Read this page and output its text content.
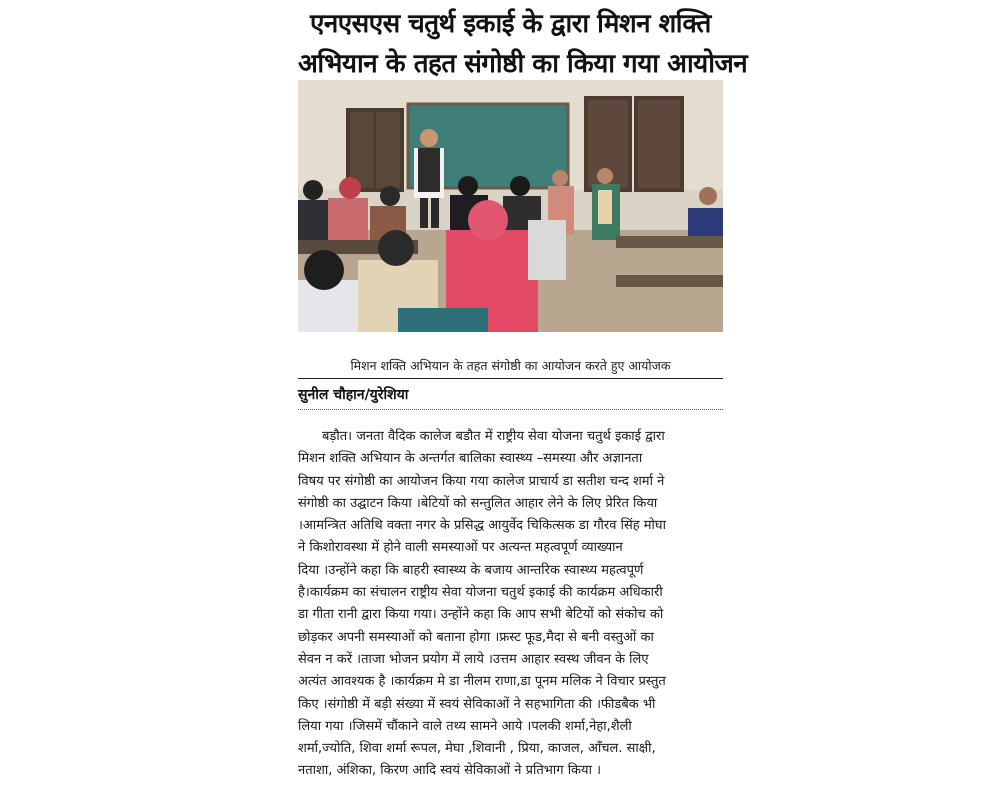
एनएसएस चतुर्थ इकाई के द्वारा मिशन शक्ति
अभियान के तहत संगोष्ठी का किया गया आयोजन
मिशन शक्ति अभियान के तहत संगोष्ठी का आयोजन करते हुए आयोजक
सुनील चौहान/युरेशिया
बड़ौत। जनता वैदिक कालेज बडौत में राष्ट्रीय सेवा योजना चतुर्थ इकाई द्वारा
मिशन शक्ति अभियान के अन्तर्गत बालिका स्वास्थ्य –समस्या और अज्ञानता
विषय पर संगोष्ठी का आयोजन किया गया कालेज प्राचार्य डा सतीश चन्द शर्मा ने
संगोष्ठी का उद्घाटन किया ।बेटियों को सन्तुलित आहार लेने के लिए प्रेरित किया
।आमन्त्रित अतिथि वक्ता नगर के प्रसिद्ध आयुर्वेद चिकित्सक डा गौरव सिंह मोघा
ने किशोरावस्था में होने वाली समस्याओं पर अत्यन्त महत्वपूर्ण व्याख्यान
दिया ।उन्होंने कहा कि बाहरी स्वास्थ्य के बजाय आन्तरिक स्वास्थ्य महत्वपूर्ण
है।कार्यक्रम का संचालन राष्ट्रीय सेवा योजना चतुर्थ इकाई की कार्यक्रम अधिकारी
डा गीता रानी द्वारा किया गया। उन्होंने कहा कि आप सभी बेटियों को संकोच को
छोड़कर अपनी समस्याओं को बताना होगा ।फ्रस्ट फूड,मैदा से बनी वस्तुओं का
सेवन न करें ।ताजा भोजन प्रयोग में लाये ।उत्तम आहार स्वस्थ जीवन के लिए
अत्यंत आवश्यक है ।कार्यक्रम मे डा नीलम राणा,डा पूनम मलिक ने विचार प्रस्तुत
किए ।संगोष्ठी में बड़ी संख्या में स्वयं सेविकाओं ने सहभागिता की ।फीडबैक भी
लिया गया ।जिसमें चौंकाने वाले तथ्य सामने आये ।पलकी शर्मा,नेहा,शैली
शर्मा,ज्योति, शिवा शर्मा रूपल, मेघा ,शिवानी , प्रिया, काजल, आँचल. साक्षी,
नताशा, अंशिका, किरण आदि स्वयं सेविकाओं ने प्रतिभाग किया ।
